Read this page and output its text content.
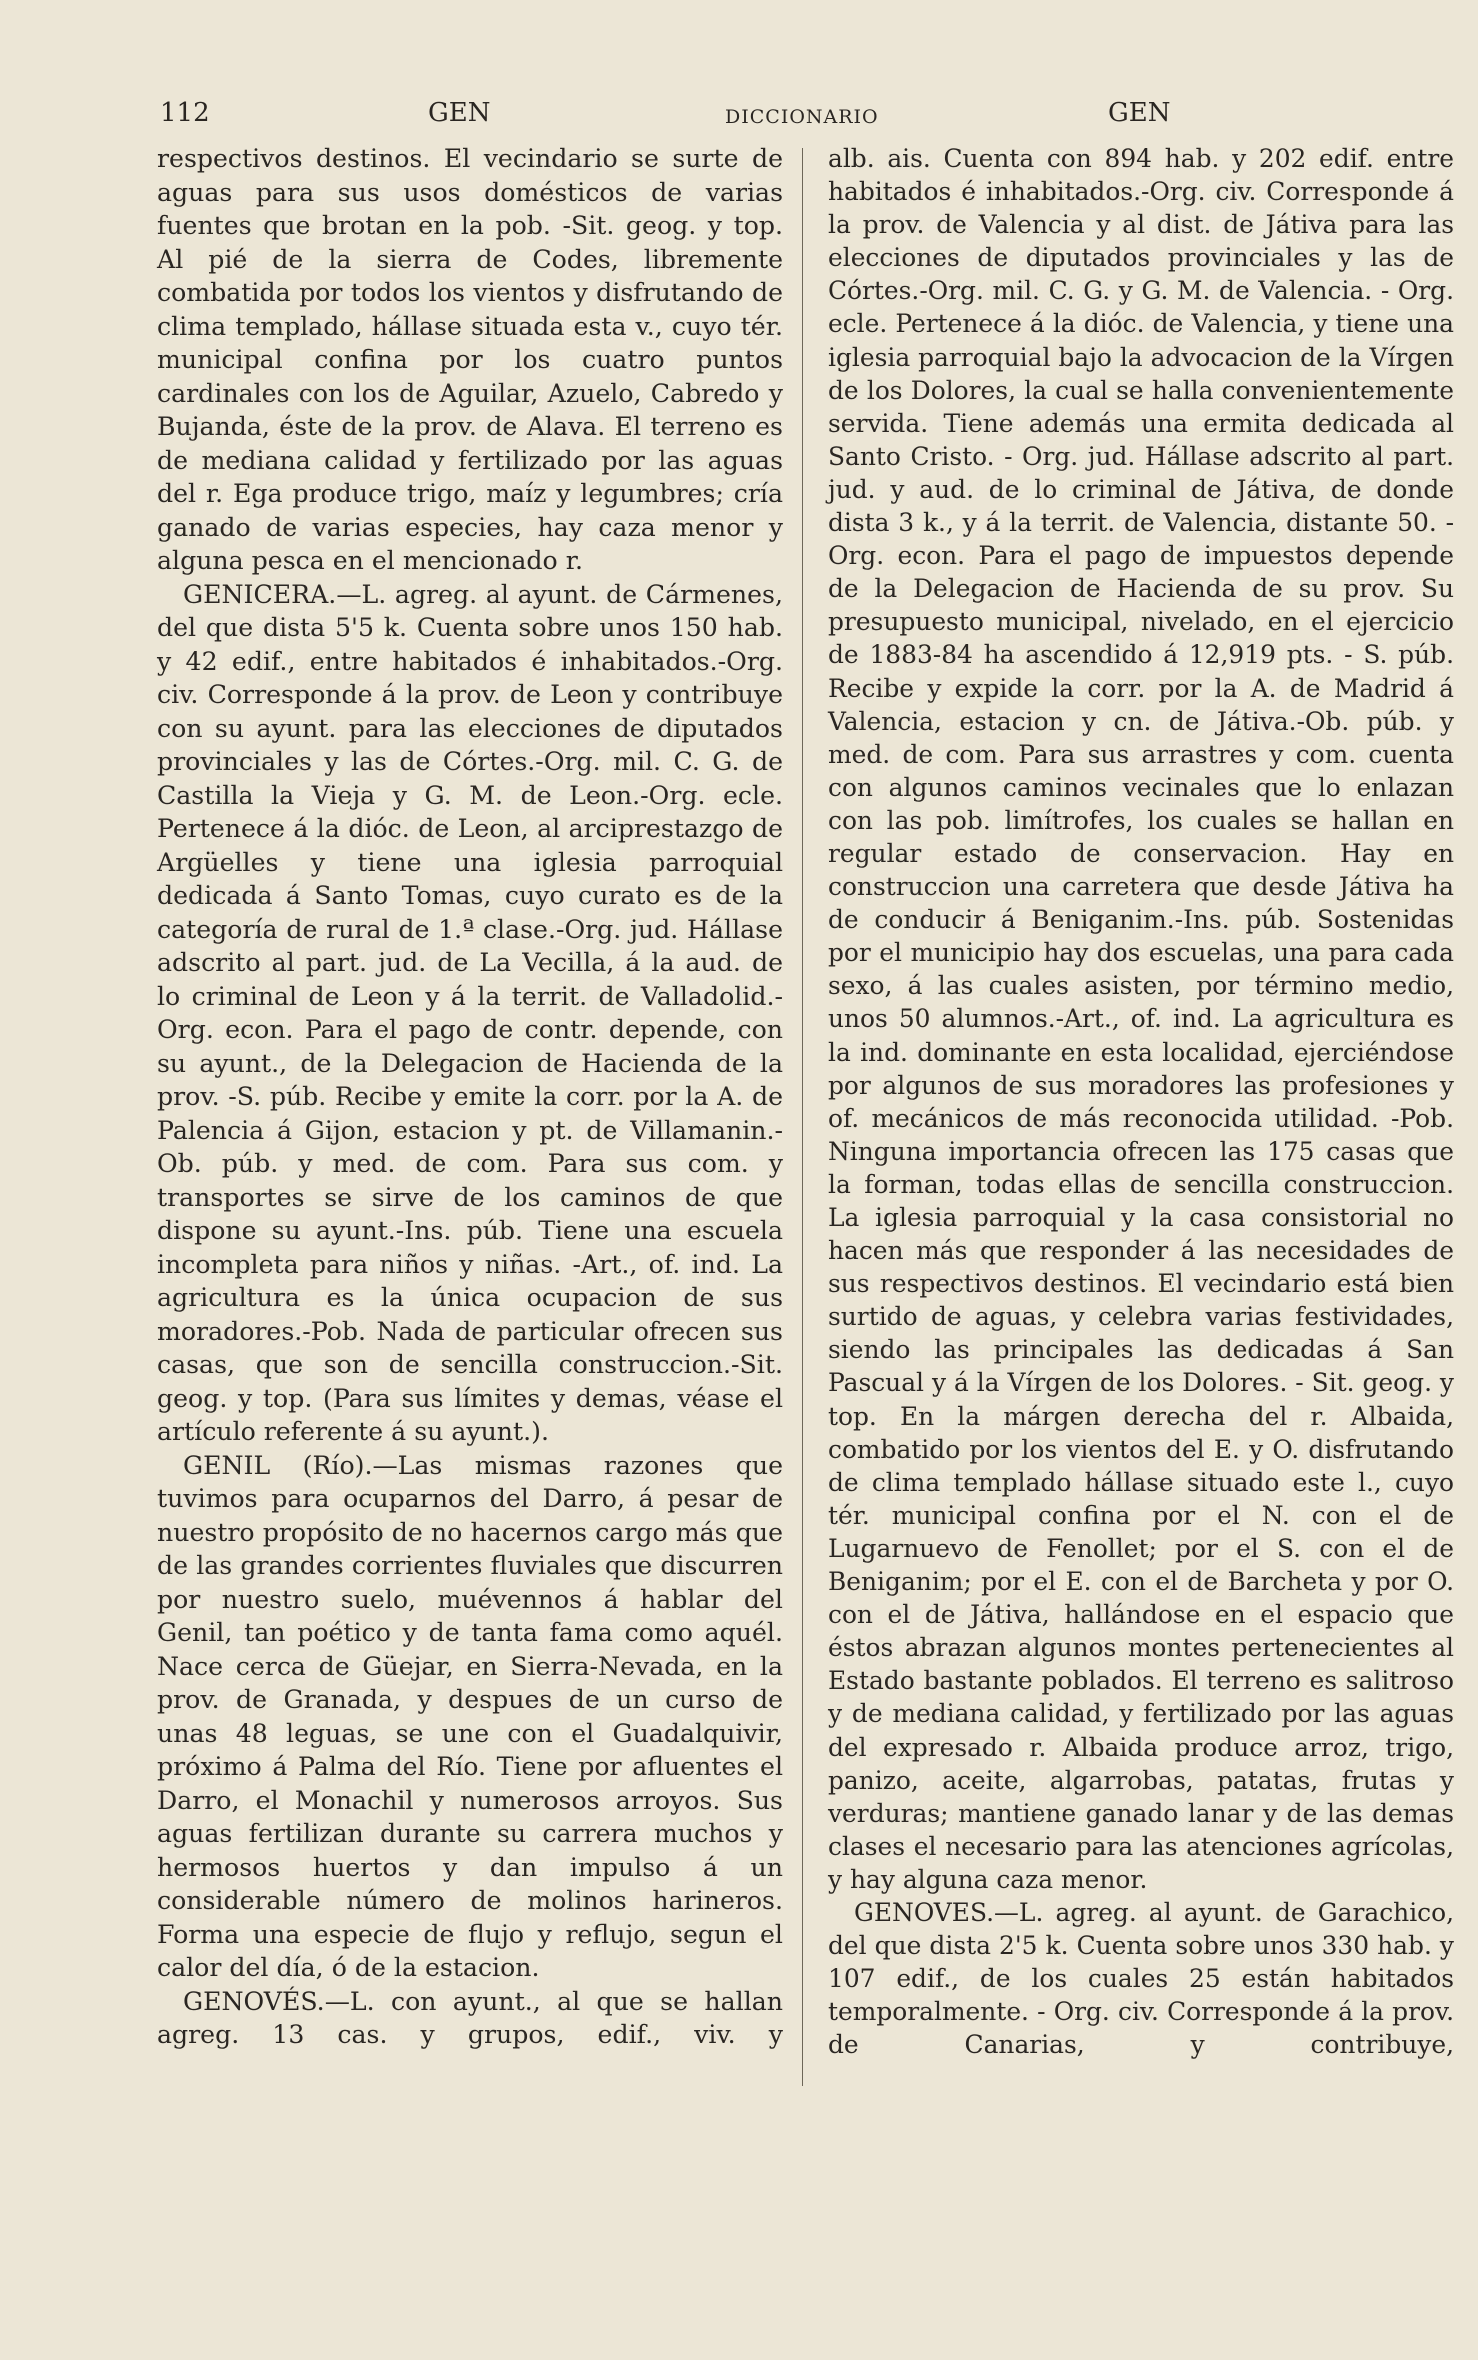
112	GEN	DICCIONARIO	GEN

respectivos destinos. El vecindario se surte de aguas para sus usos domésticos de varias fuentes que brotan en la pob. -Sit. geog. y top. Al pié de la sierra de Codes, libremente combatida por todos los vientos y disfrutando de clima templado, hállase situada esta v., cuyo tér. municipal confina por los cuatro puntos cardinales con los de Aguilar, Azuelo, Cabredo y Bujanda, éste de la prov. de Alava. El terreno es de mediana calidad y fertilizado por las aguas del r. Ega produce trigo, maíz y legumbres; cría ganado de varias especies, hay caza menor y alguna pesca en el mencionado r.

GENICERA.—L. agreg. al ayunt. de Cármenes, del que dista 5'5 k. Cuenta sobre unos 150 hab. y 42 edif., entre habitados é inhabitados.-Org. civ. Corresponde á la prov. de Leon y contribuye con su ayunt. para las elecciones de diputados provinciales y las de Córtes.-Org. mil. C. G. de Castilla la Vieja y G. M. de Leon.-Org. ecle. Pertenece á la dióc. de Leon, al arciprestazgo de Argüelles y tiene una iglesia parroquial dedicada á Santo Tomas, cuyo curato es de la categoría de rural de 1.ª clase.-Org. jud. Hállase adscrito al part. jud. de La Vecilla, á la aud. de lo criminal de Leon y á la territ. de Valladolid.-Org. econ. Para el pago de contr. depende, con su ayunt., de la Delegacion de Hacienda de la prov. -S. púb. Recibe y emite la corr. por la A. de Palencia á Gijon, estacion y pt. de Villamanin.- Ob. púb. y med. de com. Para sus com. y transportes se sirve de los caminos de que dispone su ayunt.-Ins. púb. Tiene una escuela incompleta para niños y niñas. -Art., of. ind. La agricultura es la única ocupacion de sus moradores.-Pob. Nada de particular ofrecen sus casas, que son de sencilla construccion.-Sit. geog. y top. (Para sus límites y demas, véase el artículo referente á su ayunt.).

GENIL (Río).—Las mismas razones que tuvimos para ocuparnos del Darro, á pesar de nuestro propósito de no hacernos cargo más que de las grandes corrientes fluviales que discurren por nuestro suelo, muévennos á hablar del Genil, tan poético y de tanta fama como aquél. Nace cerca de Güejar, en Sierra-Nevada, en la prov. de Granada, y despues de un curso de unas 48 leguas, se une con el Guadalquivir, próximo á Palma del Río. Tiene por afluentes el Darro, el Monachil y numerosos arroyos. Sus aguas fertilizan durante su carrera muchos y hermosos huertos y dan impulso á un considerable número de molinos harineros. Forma una especie de flujo y reflujo, segun el calor del día, ó de la estacion.

GENOVÉS.—L. con ayunt., al que se hallan agreg. 13 cas. y grupos, edif., viv. y

alb. ais. Cuenta con 894 hab. y 202 edif. entre habitados é inhabitados.-Org. civ. Corresponde á la prov. de Valencia y al dist. de Játiva para las elecciones de diputados provinciales y las de Córtes.-Org. mil. C. G. y G. M. de Valencia. - Org. ecle. Pertenece á la dióc. de Valencia, y tiene una iglesia parroquial bajo la advocacion de la Vírgen de los Dolores, la cual se halla convenientemente servida. Tiene además una ermita dedicada al Santo Cristo. - Org. jud. Hállase adscrito al part. jud. y aud. de lo criminal de Játiva, de donde dista 3 k., y á la territ. de Valencia, distante 50. - Org. econ. Para el pago de impuestos depende de la Delegacion de Hacienda de su prov. Su presupuesto municipal, nivelado, en el ejercicio de 1883-84 ha ascendido á 12,919 pts. - S. púb. Recibe y expide la corr. por la A. de Madrid á Valencia, estacion y cn. de Játiva.-Ob. púb. y med. de com. Para sus arrastres y com. cuenta con algunos caminos vecinales que lo enlazan con las pob. limítrofes, los cuales se hallan en regular estado de conservacion. Hay en construccion una carretera que desde Játiva ha de conducir á Beniganim.-Ins. púb. Sostenidas por el municipio hay dos escuelas, una para cada sexo, á las cuales asisten, por término medio, unos 50 alumnos.-Art., of. ind. La agricultura es la ind. dominante en esta localidad, ejerciéndose por algunos de sus moradores las profesiones y of. mecánicos de más reconocida utilidad. -Pob. Ninguna importancia ofrecen las 175 casas que la forman, todas ellas de sencilla construccion. La iglesia parroquial y la casa consistorial no hacen más que responder á las necesidades de sus respectivos destinos. El vecindario está bien surtido de aguas, y celebra varias festividades, siendo las principales las dedicadas á San Pascual y á la Vírgen de los Dolores. - Sit. geog. y top. En la márgen derecha del r. Albaida, combatido por los vientos del E. y O. disfrutando de clima templado hállase situado este l., cuyo tér. municipal confina por el N. con el de Lugarnuevo de Fenollet; por el S. con el de Beniganim; por el E. con el de Barcheta y por O. con el de Játiva, hallándose en el espacio que éstos abrazan algunos montes pertenecientes al Estado bastante poblados. El terreno es salitroso y de mediana calidad, y fertilizado por las aguas del expresado r. Albaida produce arroz, trigo, panizo, aceite, algarrobas, patatas, frutas y verduras; mantiene ganado lanar y de las demas clases el necesario para las atenciones agrícolas, y hay alguna caza menor.

GENOVES.—L. agreg. al ayunt. de Garachico, del que dista 2'5 k. Cuenta sobre unos 330 hab. y 107 edif., de los cuales 25 están habitados temporalmente. - Org. civ. Corresponde á la prov. de Canarias, y contribuye,
